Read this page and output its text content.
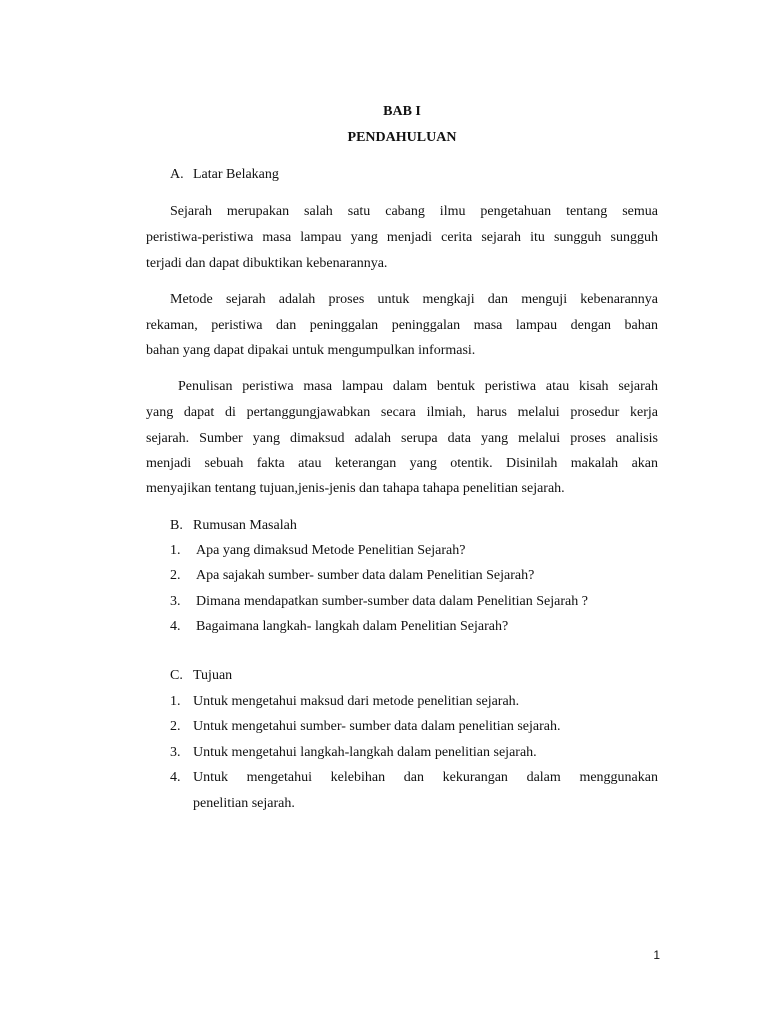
BAB I
PENDAHULUAN
A. Latar Belakang
Sejarah merupakan salah satu cabang ilmu pengetahuan tentang semua
peristiwa-peristiwa masa lampau yang menjadi cerita sejarah itu sungguh sungguh
terjadi dan dapat dibuktikan kebenarannya.
Metode sejarah adalah proses untuk mengkaji dan menguji kebenarannya
rekaman, peristiwa dan peninggalan peninggalan masa lampau dengan bahan
bahan yang dapat dipakai untuk mengumpulkan informasi.
Penulisan peristiwa masa lampau dalam bentuk peristiwa atau kisah sejarah
yang dapat di pertanggungjawabkan secara ilmiah, harus melalui prosedur kerja
sejarah. Sumber yang dimaksud adalah serupa data yang melalui proses analisis
menjadi sebuah fakta atau keterangan yang otentik. Disinilah makalah akan
menyajikan tentang tujuan,jenis-jenis dan tahapa tahapa penelitian sejarah.
B. Rumusan Masalah
1. Apa yang dimaksud Metode Penelitian Sejarah?
2. Apa sajakah sumber- sumber data dalam Penelitian Sejarah?
3. Dimana mendapatkan sumber-sumber data dalam Penelitian Sejarah ?
4. Bagaimana langkah- langkah dalam Penelitian Sejarah?
C. Tujuan
1. Untuk mengetahui maksud dari metode penelitian sejarah.
2. Untuk mengetahui sumber- sumber data dalam penelitian sejarah.
3. Untuk mengetahui langkah-langkah dalam penelitian sejarah.
4. Untuk mengetahui kelebihan dan kekurangan dalam menggunakan
penelitian sejarah.
1
